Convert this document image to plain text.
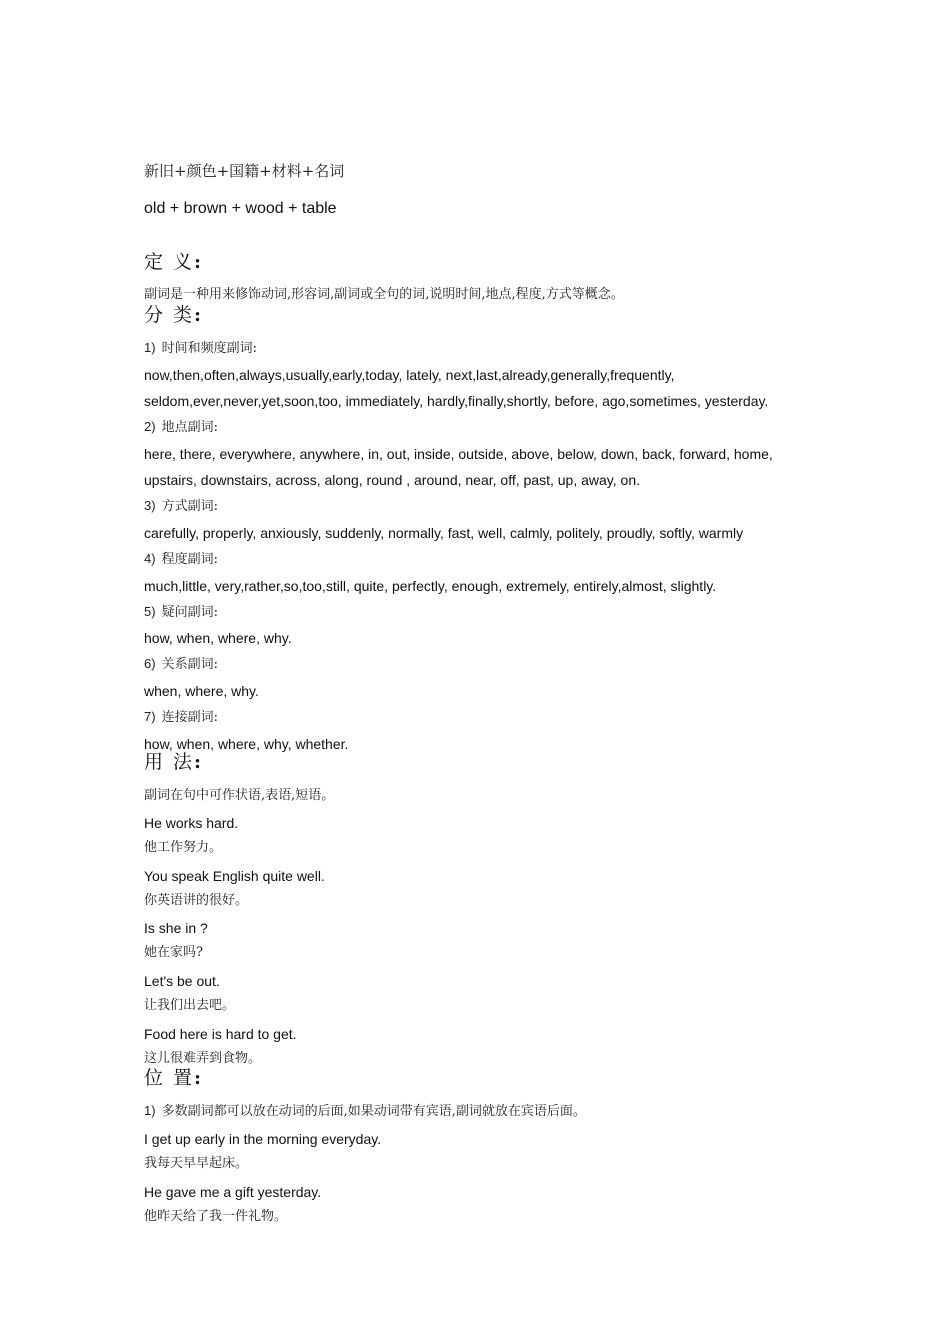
新旧+颜色+国籍+材料+名词
old + brown + wood + table
定 义:
副词是一种用来修饰动词,形容词,副词或全句的词,说明时间,地点,程度,方式等概念。
分 类:
1) 时间和频度副词:
now,then,often,always,usually,early,today, lately, next,last,already,generally,frequently,
seldom,ever,never,yet,soon,too, immediately, hardly,finally,shortly, before, ago,sometimes, yesterday.
2) 地点副词:
here, there, everywhere, anywhere, in, out, inside, outside, above, below, down, back, forward, home,
upstairs, downstairs, across, along, round , around, near, off, past, up, away, on.
3) 方式副词:
carefully, properly, anxiously, suddenly, normally, fast, well, calmly, politely, proudly, softly, warmly
4) 程度副词:
much,little, very,rather,so,too,still, quite, perfectly, enough, extremely, entirely,almost, slightly.
5) 疑问副词:
how, when, where, why.
6) 关系副词:
when, where, why.
7) 连接副词:
how, when, where, why, whether.
用 法:
副词在句中可作状语,表语,短语。
He works hard.
他工作努力。
You speak English quite well.
你英语讲的很好。
Is she in ?
她在家吗?
Let's be out.
让我们出去吧。
Food here is hard to get.
这儿很难弄到食物。
位 置:
1) 多数副词都可以放在动词的后面,如果动词带有宾语,副词就放在宾语后面。
I get up early in the morning everyday.
我每天早早起床。
He gave me a gift yesterday.
他昨天给了我一件礼物。
